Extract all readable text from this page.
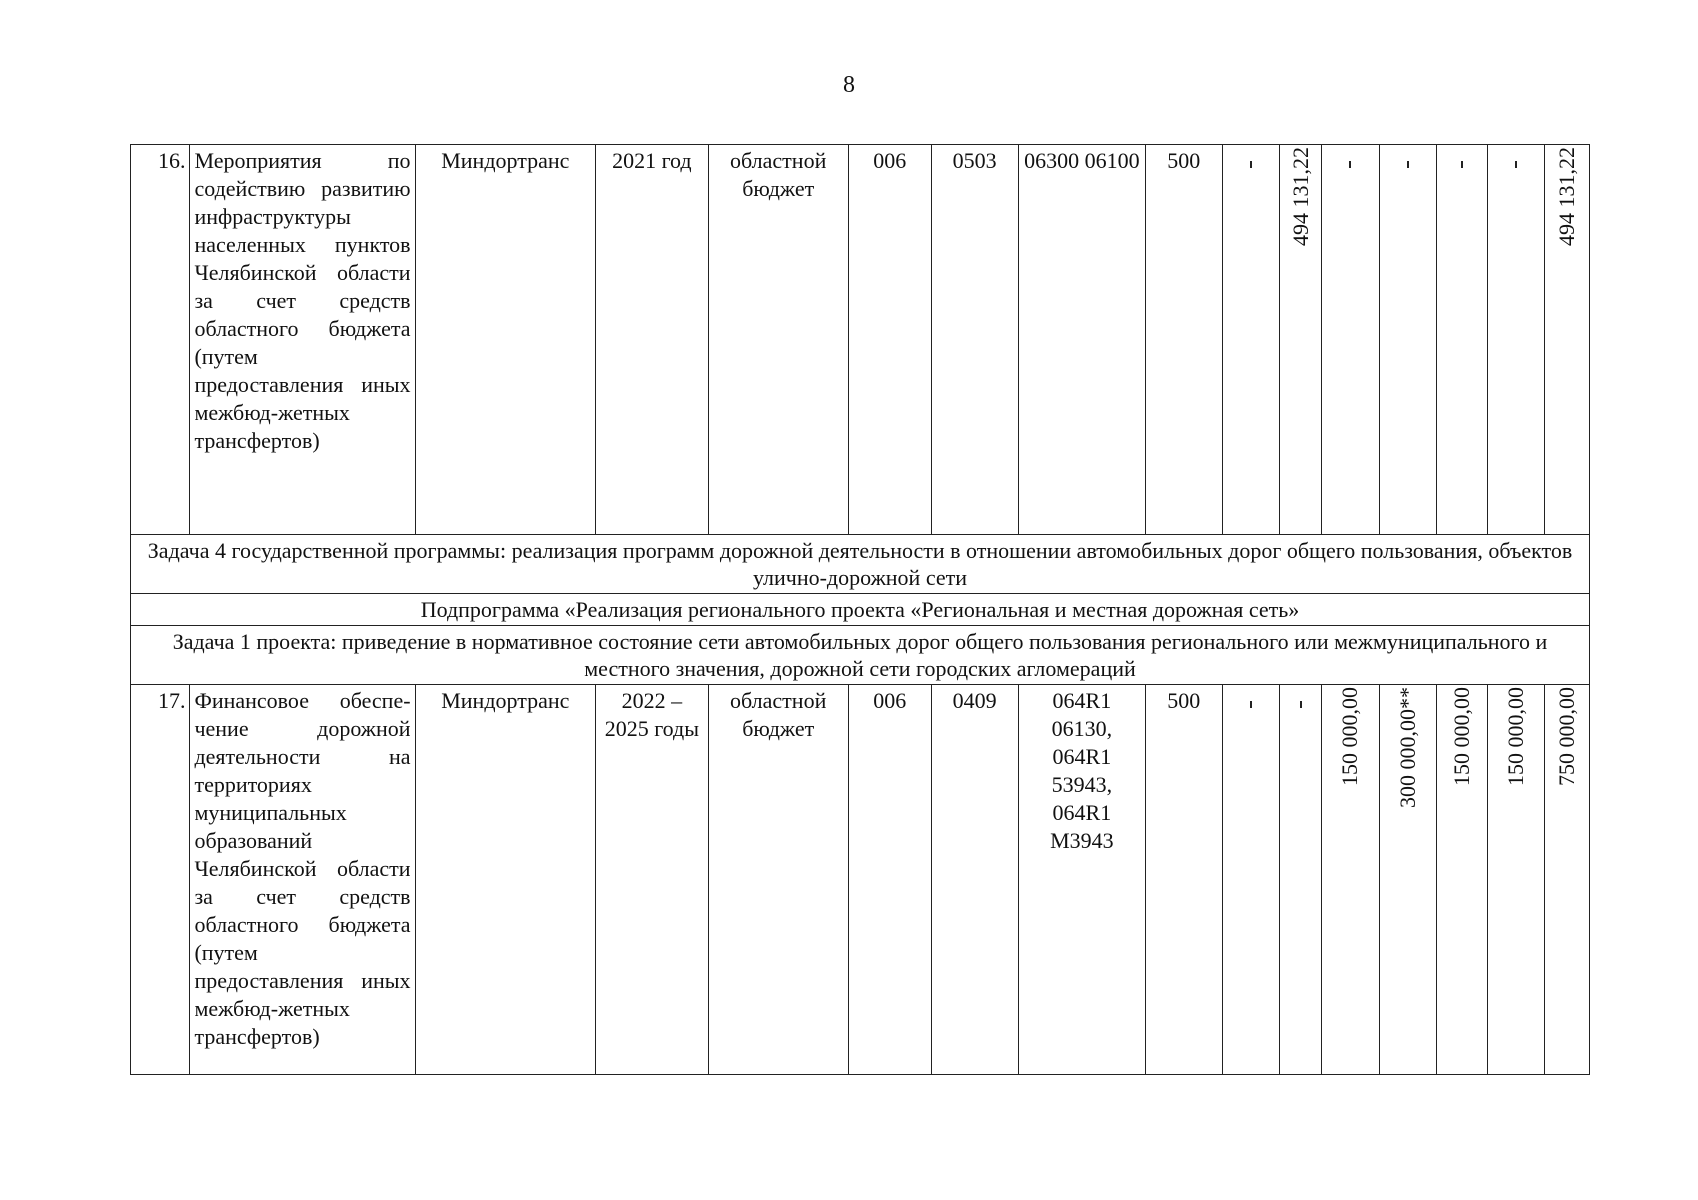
8
16.	Мероприятия по содействию развитию инфраструктуры населенных пунктов Челябинской области за счет средств областного бюджета (путем предоставления иных межбюд-жетных трансфертов)	Миндортранс	2021 год	областной бюджет	006	0503	06300 06100	500		494 131,22					494 131,22
Задача 4 государственной программы: реализация программ дорожной деятельности в отношении автомобильных дорог общего пользования, объектов улично-дорожной сети															
Подпрограмма «Реализация регионального проекта «Региональная и местная дорожная сеть»															
Задача 1 проекта: приведение в нормативное состояние сети автомобильных дорог общего пользования регионального или межмуниципального и местного значения, дорожной сети городских агломераций															
17.	Финансовое обеспе-чение дорожной деятельности на территориях муниципальных образований Челябинской области за счет средств областного бюджета (путем предоставления иных межбюд-жетных трансфертов)	Миндортранс	2022 – 2025 годы	областной бюджет	006	0409	064R1 06130, 064R1 53943, 064R1 M3943	500			150 000,00	300 000,00**	150 000,00	150 000,00	750 000,00
